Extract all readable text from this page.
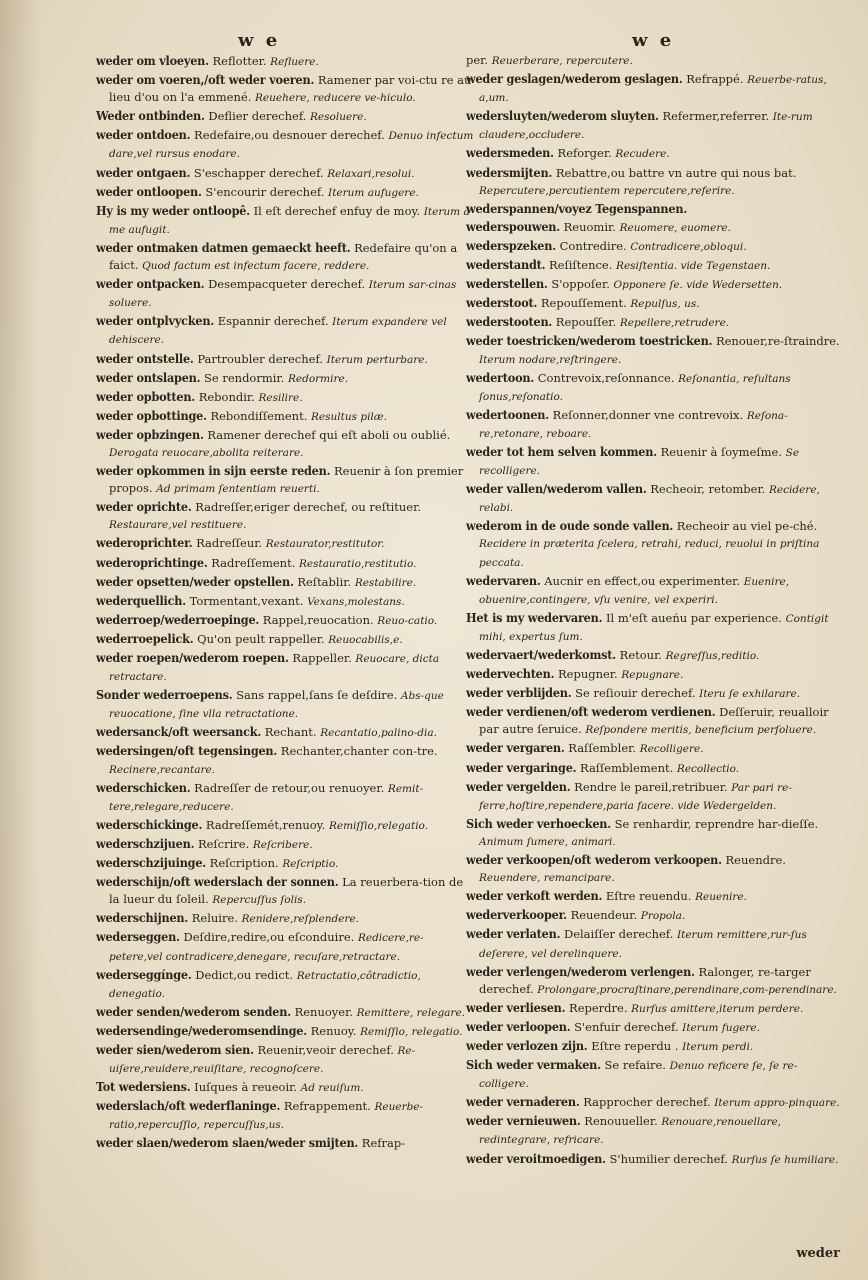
w e	w e

weder om vloeyen. Reflotter. Refluere.

weder om voeren,/oft weder voeren. Ramener par voi-ctu re au lieu d'ou on l'a emmené. Reuehere, reducere ve-hiculo.

Weder ontbinden. Deflier derechef. Resoluere.

weder ontdoen. Redefaire,ou desnouer derechef. Denuo infectum dare,vel rursus enodare.

weder ontgaen. S'eschapper derechef. Relaxari,resolui.

weder ontloopen. S'encourir derechef. Iterum aufugere.

Hy is my weder ontloopê. Il eſt derechef enfuy de moy. Iterum à me aufugit.

weder ontmaken datmen gemaeckt heeft. Redefaire qu'on a faict. Quod factum est infectum facere, reddere.

weder ontpacken. Desempacqueter derechef. Iterum sar-cinas soluere.

weder ontplvycken. Espannir derechef. Iterum expandere vel dehiscere.

weder ontstelle. Partroubler derechef. Iterum perturbare.

weder ontslapen. Se rendormir. Redormire.

weder opbotten. Rebondir. Resilire.

weder opbottinge. Rebondiſſement. Resultus pilæ.

weder opbzingen. Ramener derechef qui eſt aboli ou oublié. Derogata reuocare,abolita reiterare.

weder opkommen in sijn eerste reden. Reuenir à ſon premier propos. Ad primam ſententiam reuerti.

weder oprichte. Radreſſer,eriger derechef, ou reſtituer. Restaurare,vel restituere.

wederoprichter. Radreſſeur. Restaurator,restitutor.

wederoprichtinge. Radreſſement. Restauratio,restitutio.

weder opsetten/weder opstellen. Reſtablir. Restabilire.

wederquellich. Tormentant,vexant. Vexans,molestans.

wederroep/wederroepinge. Rappel,reuocation. Reuo-catio.

wederroepelick. Qu'on peult rappeller. Reuocabilis,e.

weder roepen/wederom roepen. Rappeller. Reuocare, dicta retractare.

Sonder wederroepens. Sans rappel,ſans ſe deſdire. Abs-que reuocatione, ſine vlla retractatione.

wedersanck/oft weersanck. Rechant. Recantatio,palino-dia.

wedersingen/oft tegensingen. Rechanter,chanter con-tre. Recinere,recantare.

wederschicken. Radreſſer de retour,ou renuoyer. Remit-tere,relegare,reducere.

wederschickinge. Radreſſemét,renuoy. Remiſſio,relegatio.

wederschzijuen. Reſcrire. Reſcribere.

wederschzijuinge. Reſcription. Reſcriptio.

wederschijn/oft wederslach der sonnen. La reuerbera-tion de la lueur du ſoleil. Repercuſſus ſolis.

wederschijnen. Reluire. Renidere,reſplendere.

wederseggen. Deſdire,redire,ou eſconduire. Redicere,re-petere,vel contradicere,denegare, recuſare,retractare.

wederseggínge. Dedict,ou redict. Retractatio,côtradictio, denegatio.

weder senden/wederom senden. Renuoyer. Remittere, relegare.

wedersendinge/wederomsendinge. Renuoy. Remiſſio, relegatio.

weder sien/wederom sien. Reuenir,veoir derechef. Re-uiſere,reuidere,reuiſitare, recognoſcere.

Tot wedersiens. Iuſques à reueoir. Ad reuiſum.

wederslach/oft wederflaninge. Refrappement. Reuerbe-ratio,repercuſſio, repercuſſus,us.

weder slaen/wederom slaen/weder smijten. Refrap-

per. Reuerberare, repercutere.

weder geslagen/wederom geslagen. Refrappé. Reuerbe-ratus, a,um.

wedersluyten/wederom sluyten. Refermer,referrer. Ite-rum claudere,occludere.

wedersmeden. Reforger. Recudere.

wedersmijten. Rebattre,ou battre vn autre qui nous bat. Repercutere,percutientem repercutere,referire.

wederspannen/voyez Tegenspannen.

wederspouwen. Reuomir. Reuomere, euomere.

wederspzeken. Contredire. Contradicere,obloqui.

wederstandt. Reſiſtence. Resiſtentia. vide Tegenstaen.

wederstellen. S'oppoſer. Opponere ſe. vide Wedersetten.

wederstoot. Repouſſement. Repulſus, us.

wederstooten. Repouſſer. Repellere,retrudere.

weder toestricken/wederom toestricken. Renouer,re-ſtraindre. Iterum nodare,reſtringere.

wedertoon. Contrevoix,reſonnance. Reſonantia, reſultans ſonus,reſonatio.

wedertoonen. Reſonner,donner vne contrevoix. Reſona-re,retonare, reboare.

weder tot hem selven kommen. Reuenir à ſoymeſme. Se recolligere.

weder vallen/wederom vallen. Recheoir, retomber. Recidere, relabi.

wederom in de oude sonde vallen. Recheoir au viel pe-ché. Recidere in præterita ſcelera, retrahi, reduci, reuolui in priſtina peccata.

wedervaren. Aucnir en effect,ou experimenter. Euenire, obuenire,contingere, vſu venire, vel experiri.

Het is my wedervaren. Il m'eſt aueńu par experience. Contigit mihi, expertus ſum.

wedervaert/wederkomst. Retour. Regreſſus,reditio.

wedervechten. Repugner. Repugnare.

weder verblijden. Se reſiouir derechef. Iteru ſe exhilarare.

weder verdienen/oft wederom verdienen. Deſſeruir, reualloir par autre ſeruice. Reſpondere meritis, beneficium perſoluere.

weder vergaren. Raſſembler. Recolligere.

weder vergaringe. Raſſemblement. Recollectio.

weder vergelden. Rendre le pareil,retribuer. Par pari re-ferre,hoſtire,rependere,paria facere. vide Wedergelden.

Sich weder verhoecken. Se renhardir, reprendre har-dieſſe. Animum ſumere, animari.

weder verkoopen/oft wederom verkoopen. Reuendre. Reuendere, remancipare.

weder verkoft werden. Eſtre reuendu. Reuenire.

wederverkooper. Reuendeur. Propola.

weder verlaten. Delaiſſer derechef. Iterum remittere,rur-ſus deſerere, vel derelinquere.

weder verlengen/wederom verlengen. Ralonger, re-targer derechef. Prolongare,procraſtinare,perendinare,com-perendinare.

weder verliesen. Reperdre. Rurſus amittere,iterum perdere.

weder verloopen. S'enfuir derechef. Iterum fugere.

weder verlozen zijn. Eſtre reperdu . Iterum perdi.

Sich weder vermaken. Se refaire. Denuo reficere ſe, ſe re-colligere.

weder vernaderen. Rapprocher derechef. Iterum appro-pinquare.

weder vernieuwen. Renouueller. Renouare,renouellare, redintegrare, refricare.

weder veroitmoedigen. S'humilier derechef. Rurſus ſe humiliare.

weder
